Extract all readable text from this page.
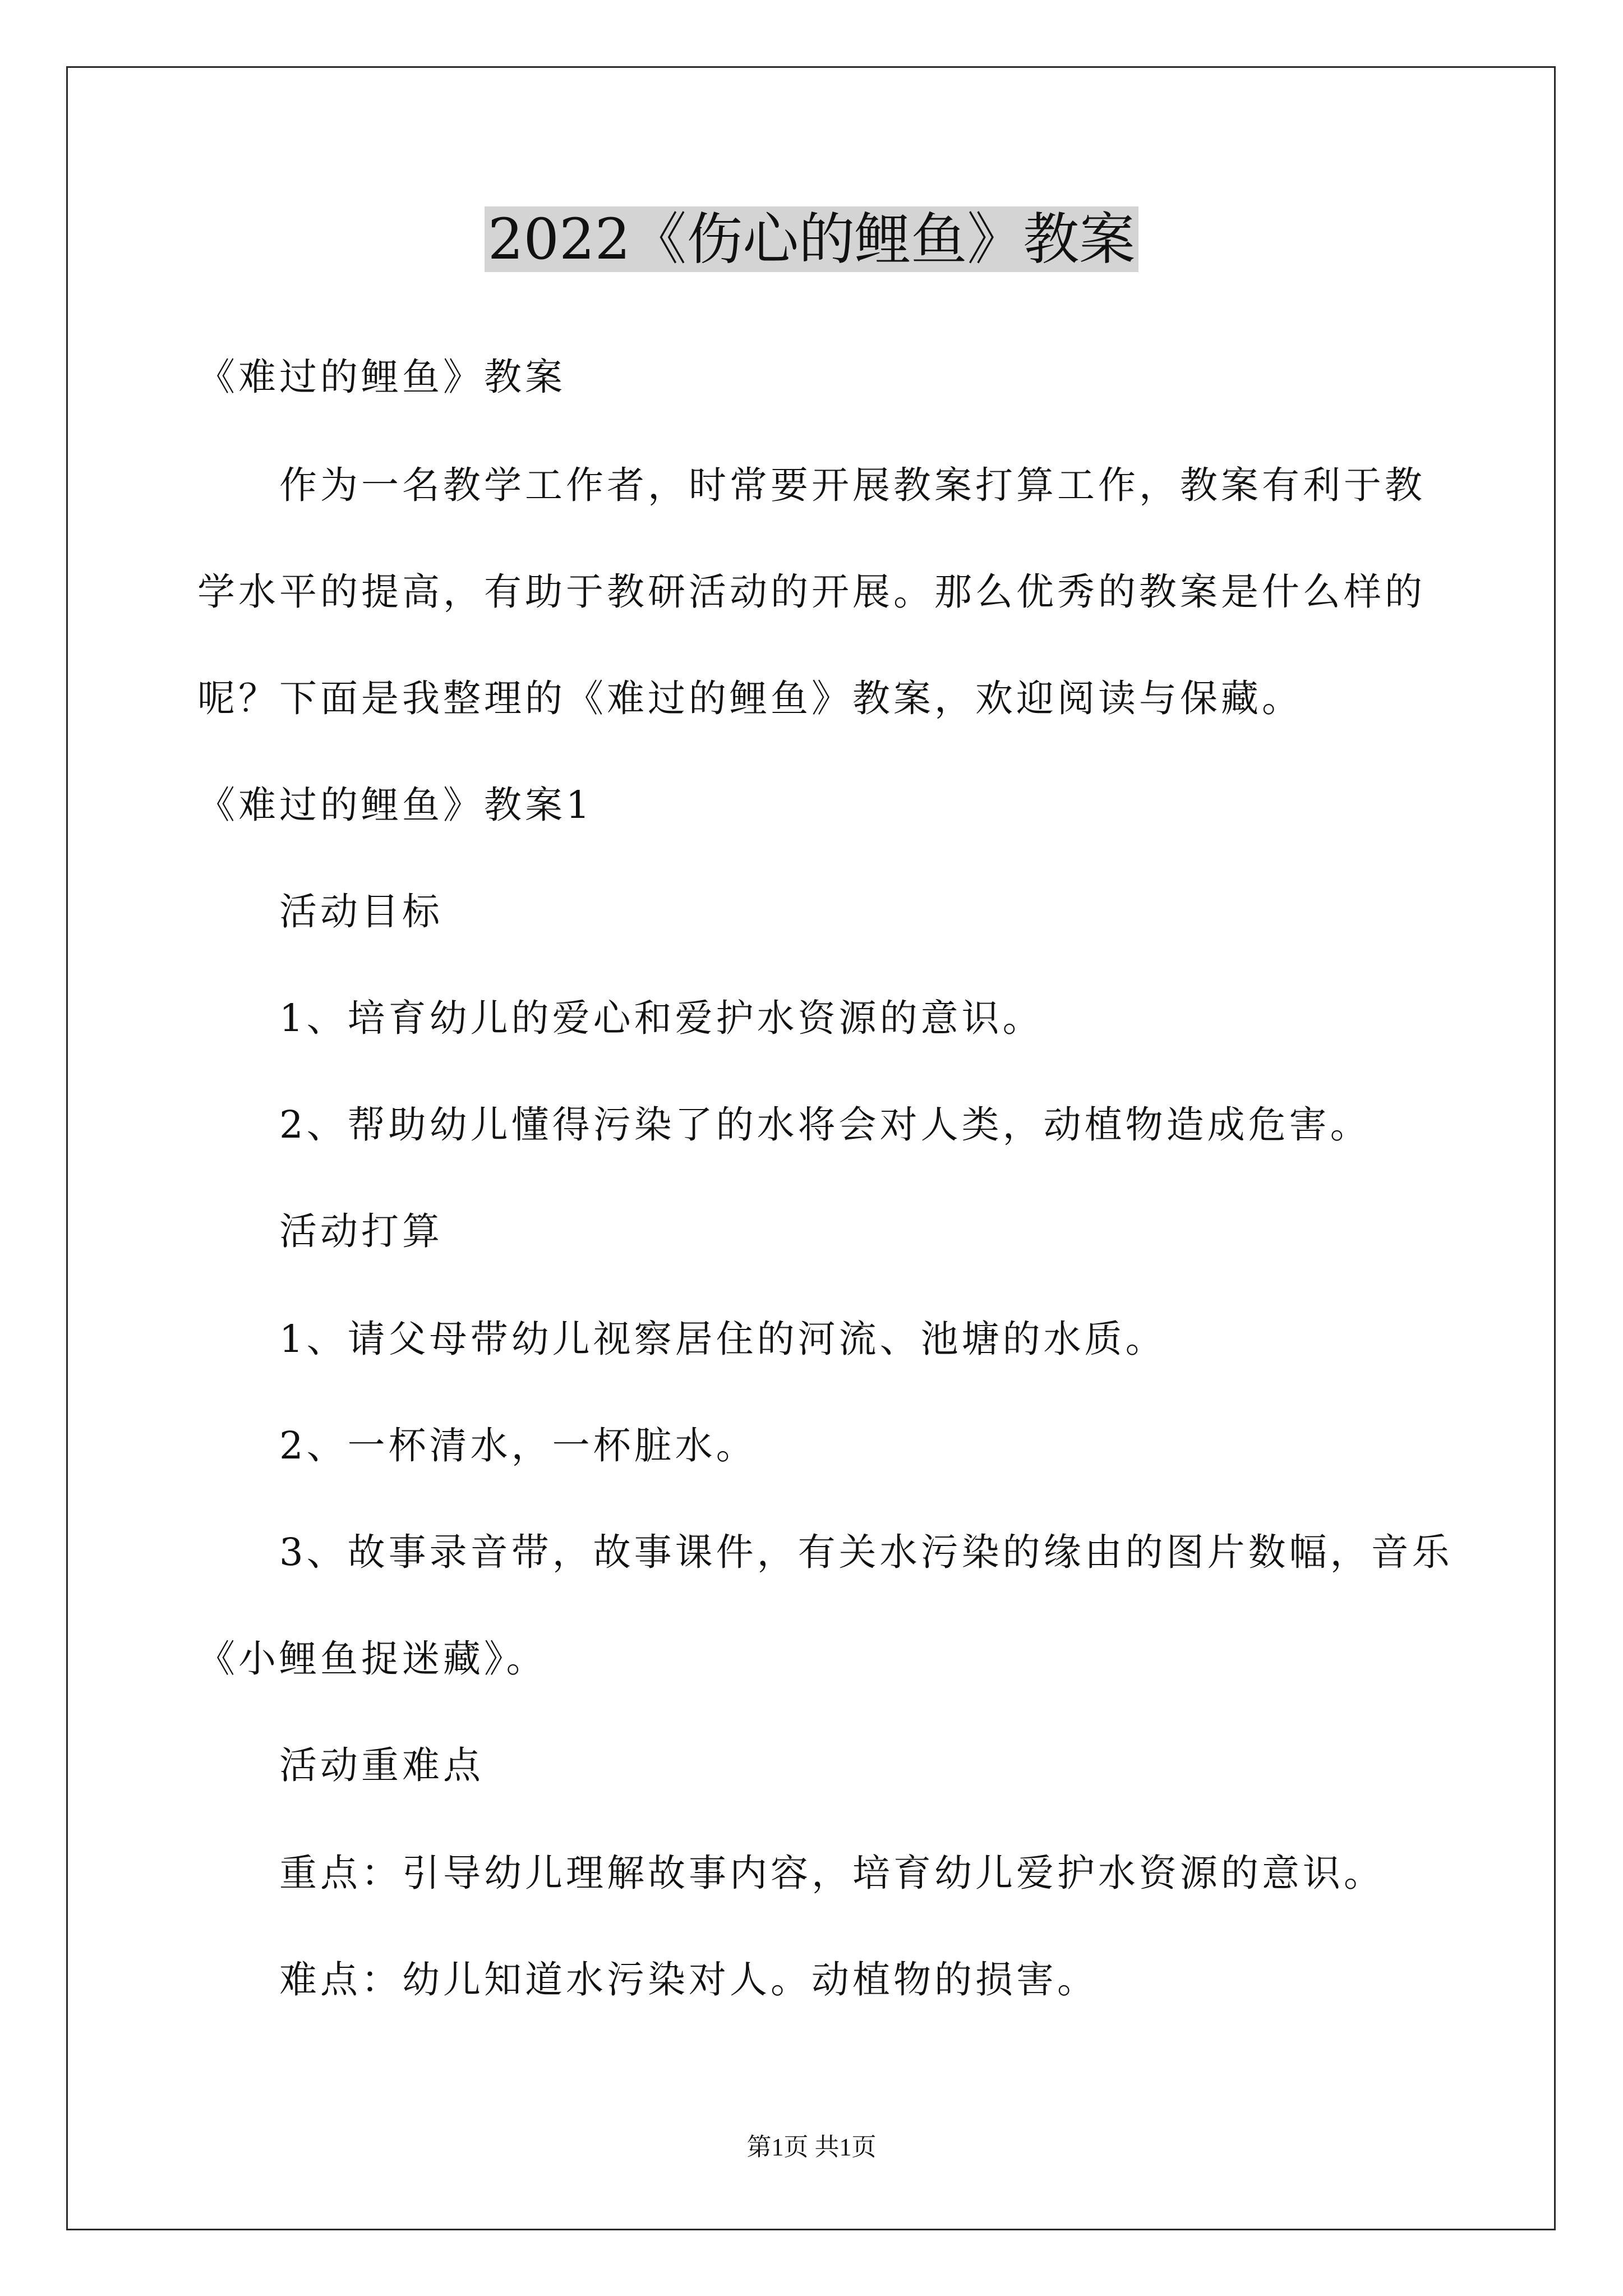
2022《伤心的鲤鱼》教案
《难过的鲤鱼》教案
作为一名教学工作者，时常要开展教案打算工作，教案有利于教
学水平的提高，有助于教研活动的开展。那么优秀的教案是什么样的
呢？下面是我整理的《难过的鲤鱼》教案，欢迎阅读与保藏。
《难过的鲤鱼》教案1
活动目标
1、培育幼儿的爱心和爱护水资源的意识。
2、帮助幼儿懂得污染了的水将会对人类，动植物造成危害。
活动打算
1、请父母带幼儿视察居住的河流、池塘的水质。
2、一杯清水，一杯脏水。
3、故事录音带，故事课件，有关水污染的缘由的图片数幅，音乐
《小鲤鱼捉迷藏》。
活动重难点
重点：引导幼儿理解故事内容，培育幼儿爱护水资源的意识。
难点：幼儿知道水污染对人。动植物的损害。
第1页 共1页
